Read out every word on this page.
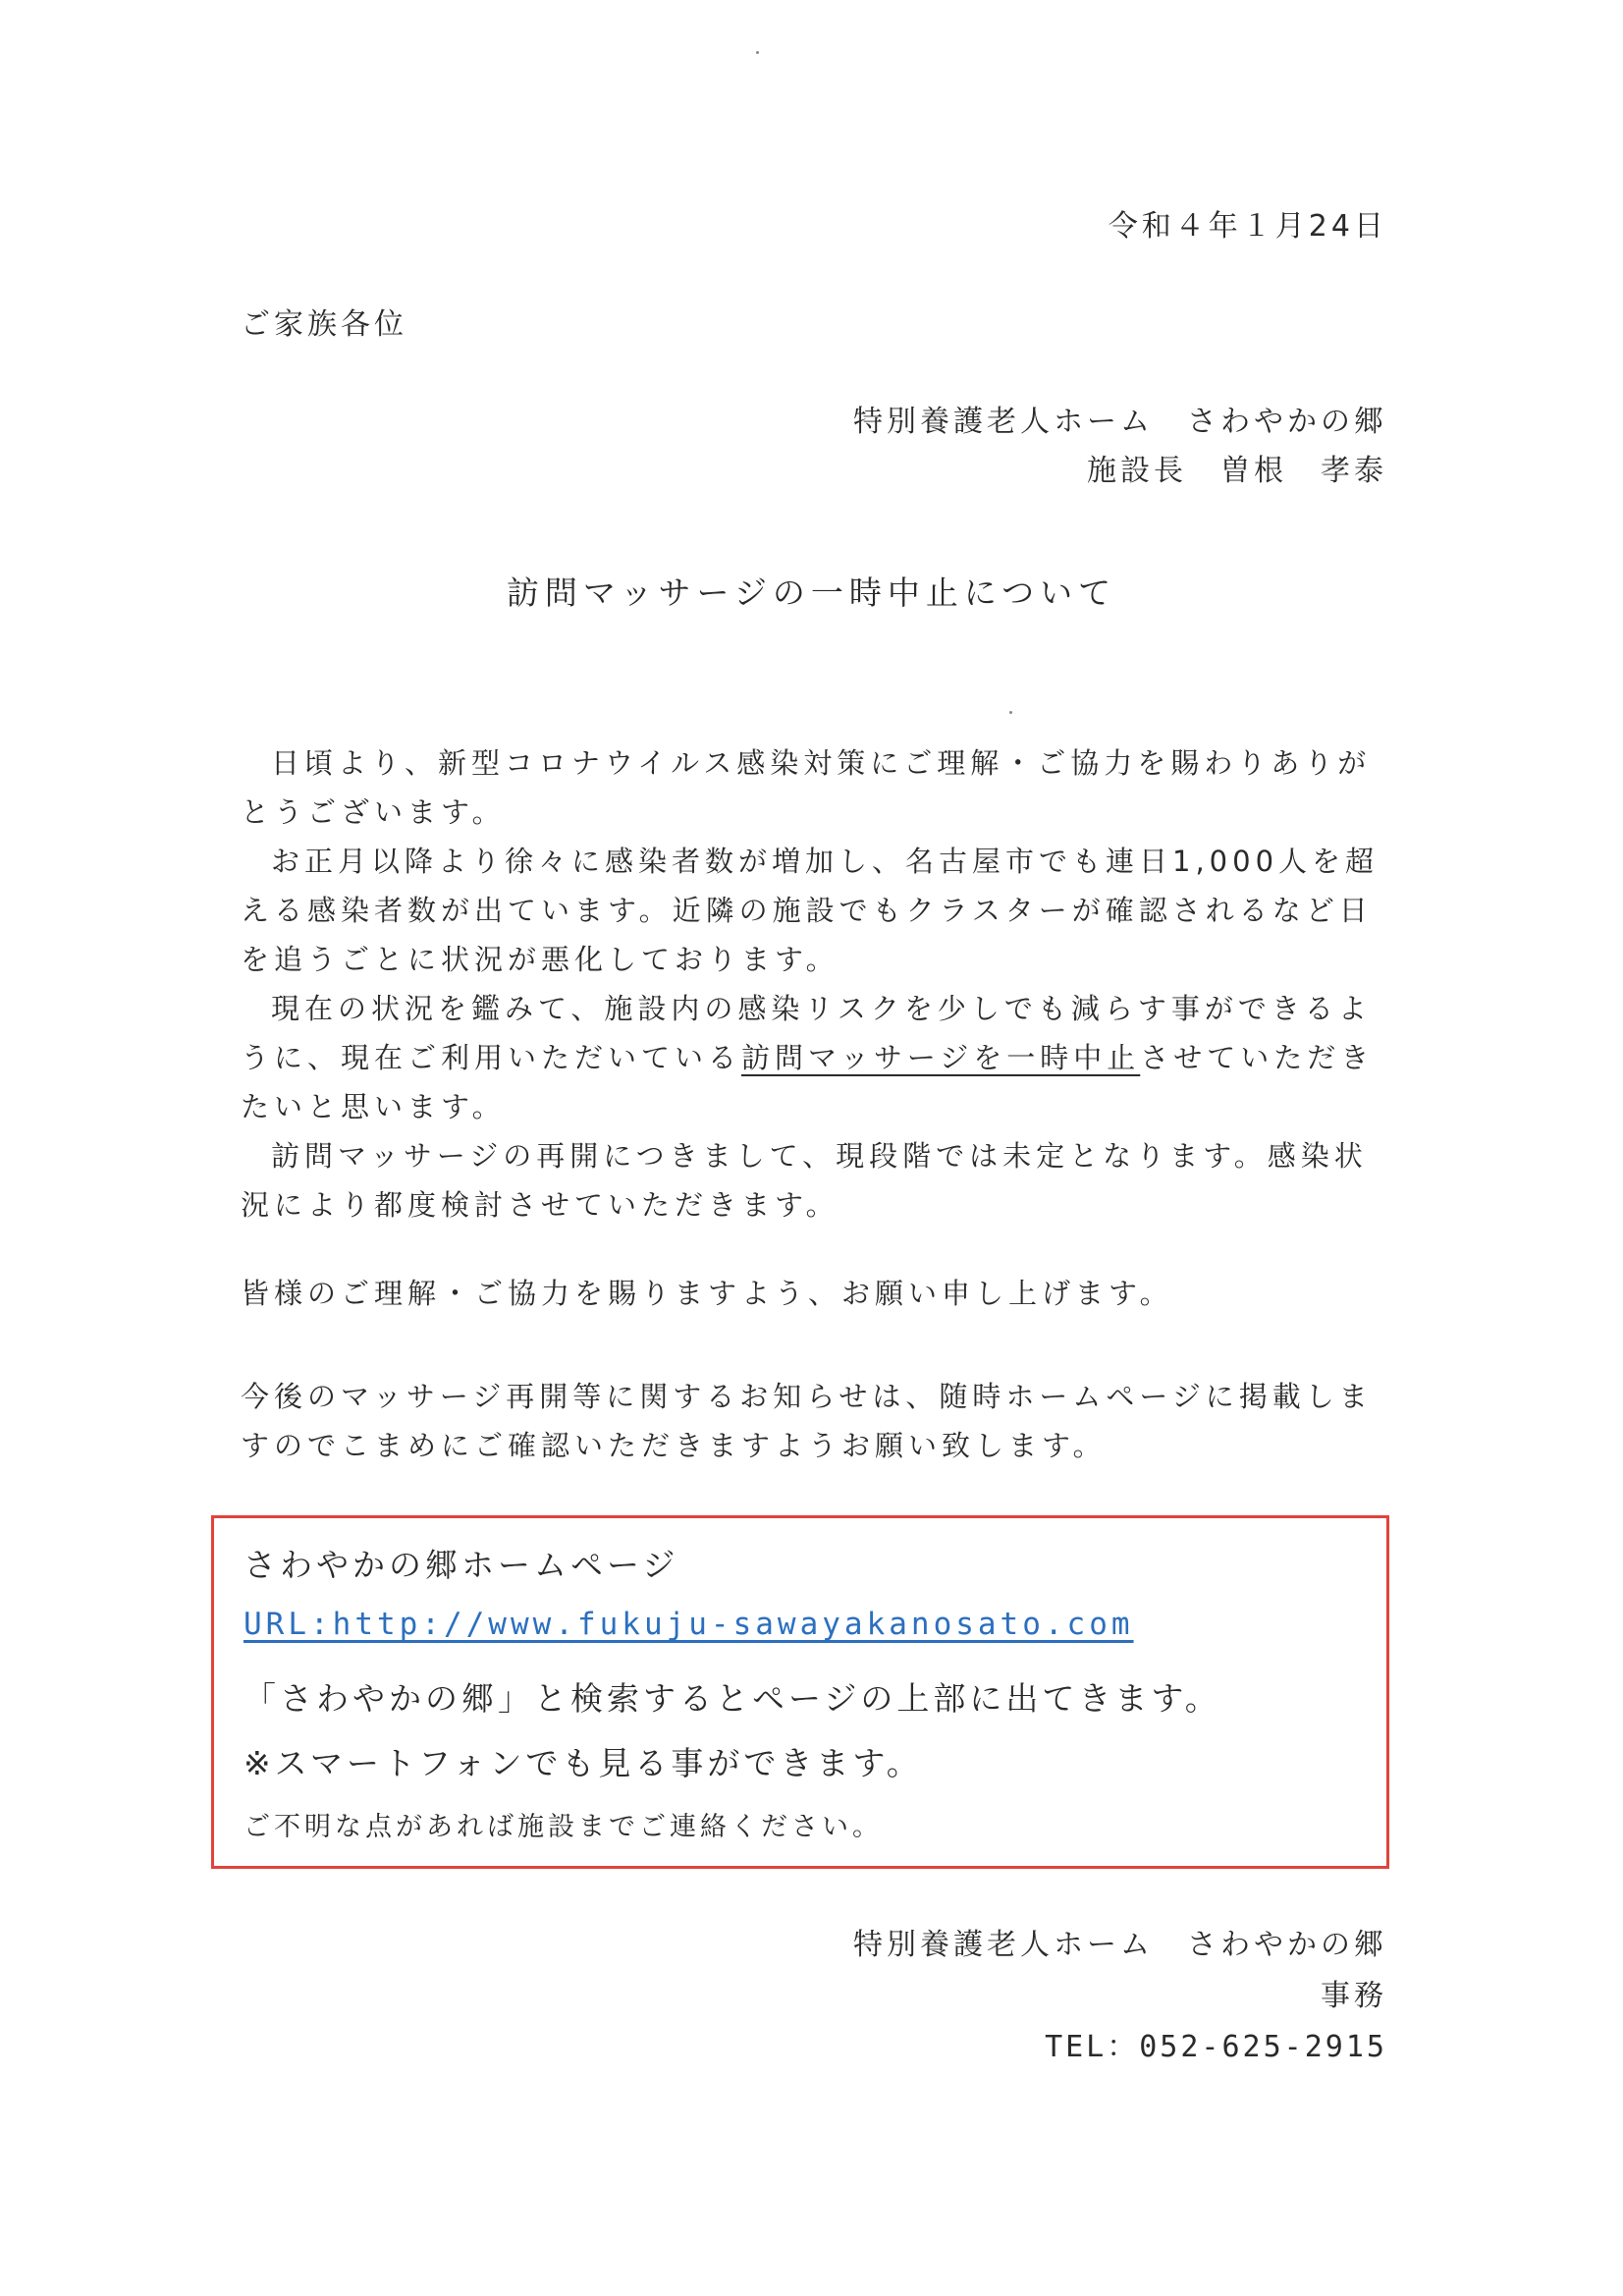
令和４年１月24日
ご家族各位
特別養護老人ホーム　さわやかの郷
施設長　曽根　孝泰
訪問マッサージの一時中止について

日頃より、新型コロナウイルス感染対策にご理解・ご協力を賜わりありがとうございます。

お正月以降より徐々に感染者数が増加し、名古屋市でも連日1,000人を超える感染者数が出ています。近隣の施設でもクラスターが確認されるなど日を追うごとに状況が悪化しております。

現在の状況を鑑みて、施設内の感染リスクを少しでも減らす事ができるように、現在ご利用いただいている訪問マッサージを一時中止させていただきたいと思います。

訪問マッサージの再開につきまして、現段階では未定となります。感染状況により都度検討させていただきます。

皆様のご理解・ご協力を賜りますよう、お願い申し上げます。
今後のマッサージ再開等に関するお知らせは、随時ホームページに掲載しますのでこまめにご確認いただきますようお願い致します。
さわやかの郷ホームページ
URL:http://www.fukuju-sawayakanosato.com
「さわやかの郷」と検索するとページの上部に出てきます。
※スマートフォンでも見る事ができます。
ご不明な点があれば施設までご連絡ください。
特別養護老人ホーム　さわやかの郷
事務
TEL：052-625-2915
